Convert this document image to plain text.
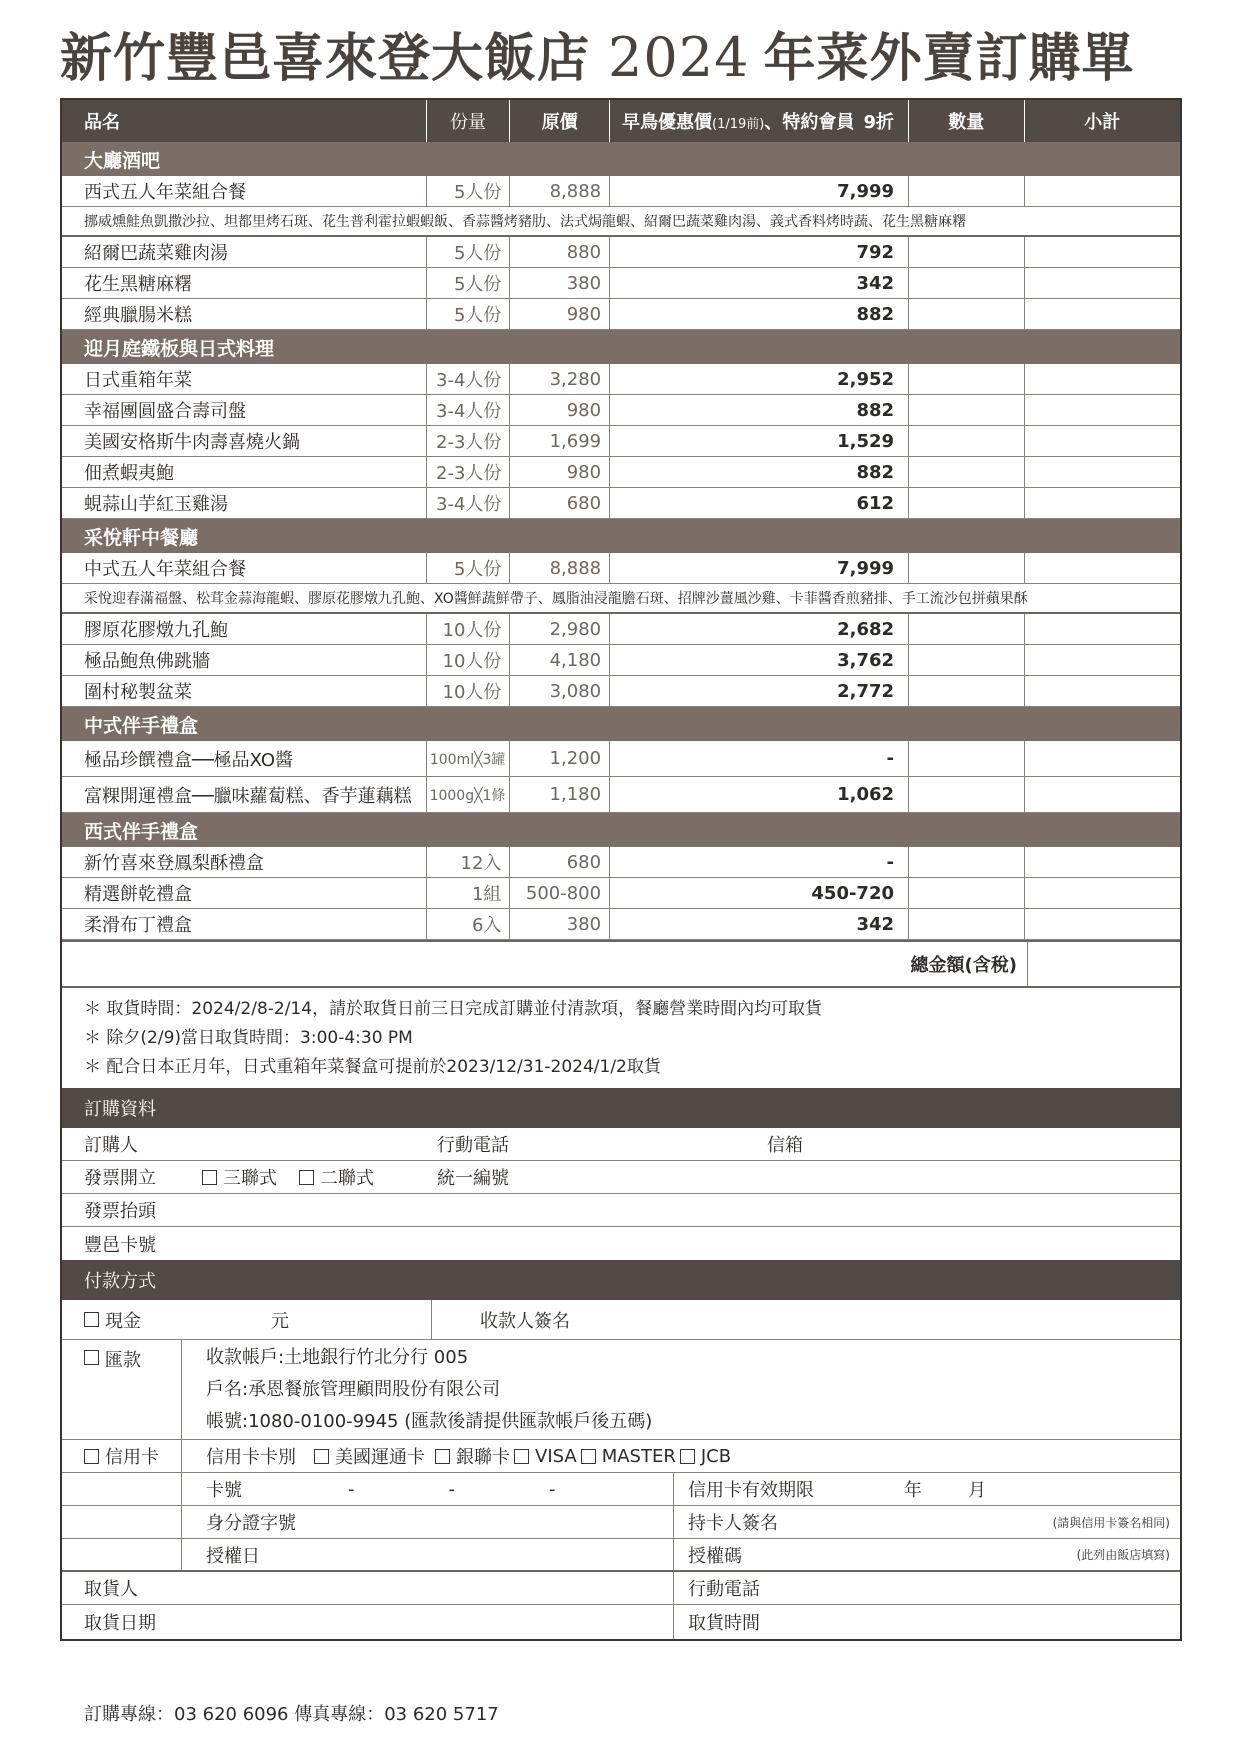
新竹豐邑喜來登大飯店 2024 年菜外賣訂購單
品名	份量	原價	早鳥優惠價(1/19前)、特約會員 9折	數量	小計
大廳酒吧
西式五人年菜組合餐	5人份	8,888	7,999
挪威燻鮭魚凱撒沙拉、坦都里烤石斑、花生普利霍拉蝦蝦飯、香蒜醬烤豬肋、法式焗龍蝦、紹爾巴蔬菜雞肉湯、義式香料烤時蔬、花生黑糖麻糬
紹爾巴蔬菜雞肉湯	5人份	880	792
花生黑糖麻糬	5人份	380	342
經典臘腸米糕	5人份	980	882
迎月庭鐵板與日式料理
日式重箱年菜	3-4人份	3,280	2,952
幸福團圓盛合壽司盤	3-4人份	980	882
美國安格斯牛肉壽喜燒火鍋	2-3人份	1,699	1,529
佃煮蝦夷鮑	2-3人份	980	882
蜆蒜山芋紅玉雞湯	3-4人份	680	612
采悅軒中餐廳
中式五人年菜組合餐	5人份	8,888	7,999
采悅迎春滿福盤、松茸金蒜海龍蝦、膠原花膠燉九孔鮑、XO醬鮮蔬鮮帶子、鳳脂油浸龍膽石斑、招牌沙薑風沙雞、卡菲醬香煎豬排、手工流沙包拼蘋果酥
膠原花膠燉九孔鮑	10人份	2,980	2,682
極品鮑魚佛跳牆	10人份	4,180	3,762
圍村秘製盆菜	10人份	3,080	2,772
中式伴手禮盒
極品珍饌禮盒──極品XO醬	100ml╳3罐	1,200	-
富粿開運禮盒──臘味蘿蔔糕、香芋蓮藕糕	1000g╳1條	1,180	1,062
西式伴手禮盒
新竹喜來登鳳梨酥禮盒	12入	680	-
精選餅乾禮盒	1組	500-800	450-720
柔滑布丁禮盒	6入	380	342
總金額(含稅)
＊ 取貨時間：2024/2/8-2/14，請於取貨日前三日完成訂購並付清款項，餐廳營業時間內均可取貨
＊ 除夕(2/9)當日取貨時間：3:00-4:30 PM
＊ 配合日本正月年，日式重箱年菜餐盒可提前於2023/12/31-2024/1/2取貨
訂購資料
訂購人	行動電話	信箱
發票開立	三聯式 二聯式	統一編號
發票抬頭
豐邑卡號
付款方式
現金	元	收款人簽名
匯款	收款帳戶:土地銀行竹北分行 005
戶名:承恩餐旅管理顧問股份有限公司
帳號:1080-0100-9945 (匯款後請提供匯款帳戶後五碼)
信用卡	信用卡卡別 美國運通卡 銀聯卡 VISA MASTER JCB
卡號	-	-	-	信用卡有效期限	年	月
身分證字號	持卡人簽名	(請與信用卡簽名相同)
授權日	授權碼	(此列由飯店填寫)
取貨人	行動電話
取貨日期	取貨時間
訂購專線：03 620 6096 傳真專線：03 620 5717
